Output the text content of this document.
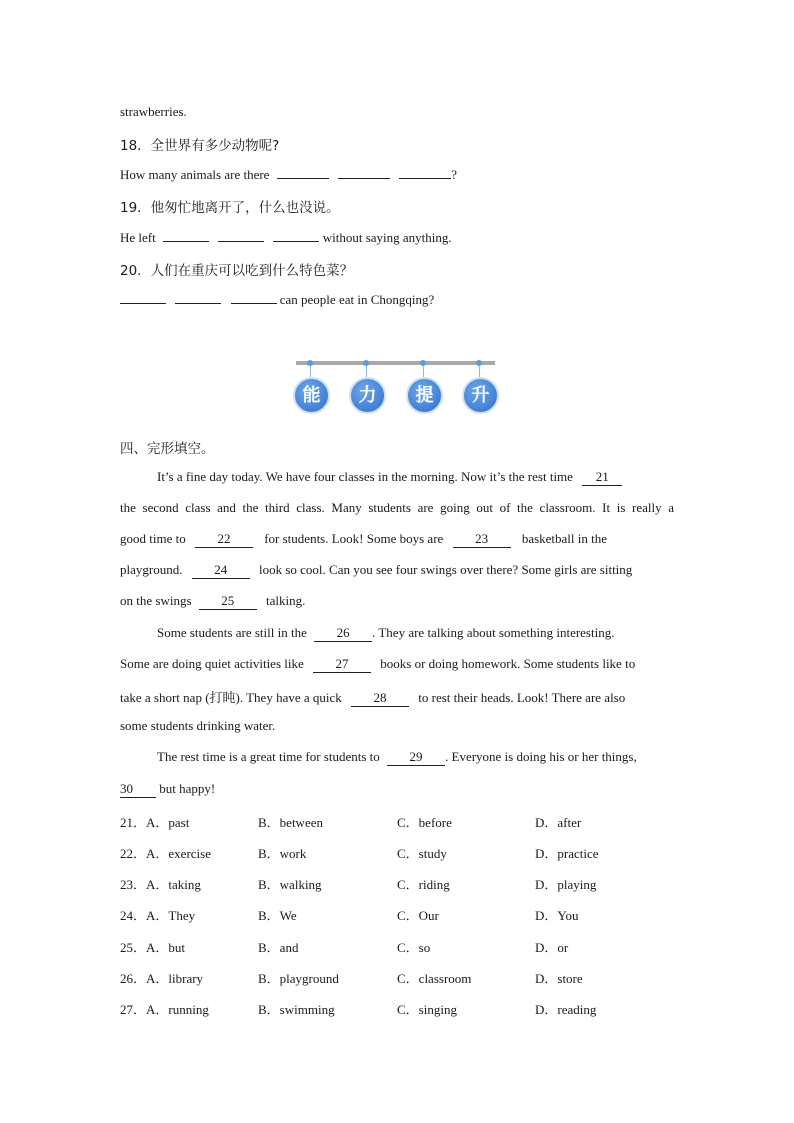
strawberries.
18．全世界有多少动物呢?
How many animals are there	?
19．他匆忙地离开了，什么也没说。
He left	without saying anything.
20．人们在重庆可以吃到什么特色菜？
can people eat in Chongqing?
能	力	提	升
四、完形填空。
It’s a fine day today. We have four classes in the morning. Now it’s the rest time 21
the second class and the third class. Many students are going out of the classroom. It is really a
good time to 22	for students. Look! Some boys are 23	basketball in the
playground. 24 look so cool. Can you see four swings over there? Some girls are sitting
on the swings 25 talking.
Some students are still in the 26 . They are talking about something interesting.
Some are doing quiet activities like 27 books or doing homework. Some students like to
take a short nap (打盹). They have a quick 28 to rest their heads. Look! There are also
some students drinking water.
The rest time is a great time for students to 29 . Everyone is doing his or her things,
30 but happy!
21．A．past	B．between	C．before	D．after
22．A．exercise	B．work	C．study	D．practice
23．A．taking	B．walking	C．riding	D．playing
24．A．They	B．We	C．Our	D．You
25．A．but	B．and	C．so	D．or
26．A．library	B．playground	C．classroom	D．store
27．A．running	B．swimming	C．singing	D．reading
